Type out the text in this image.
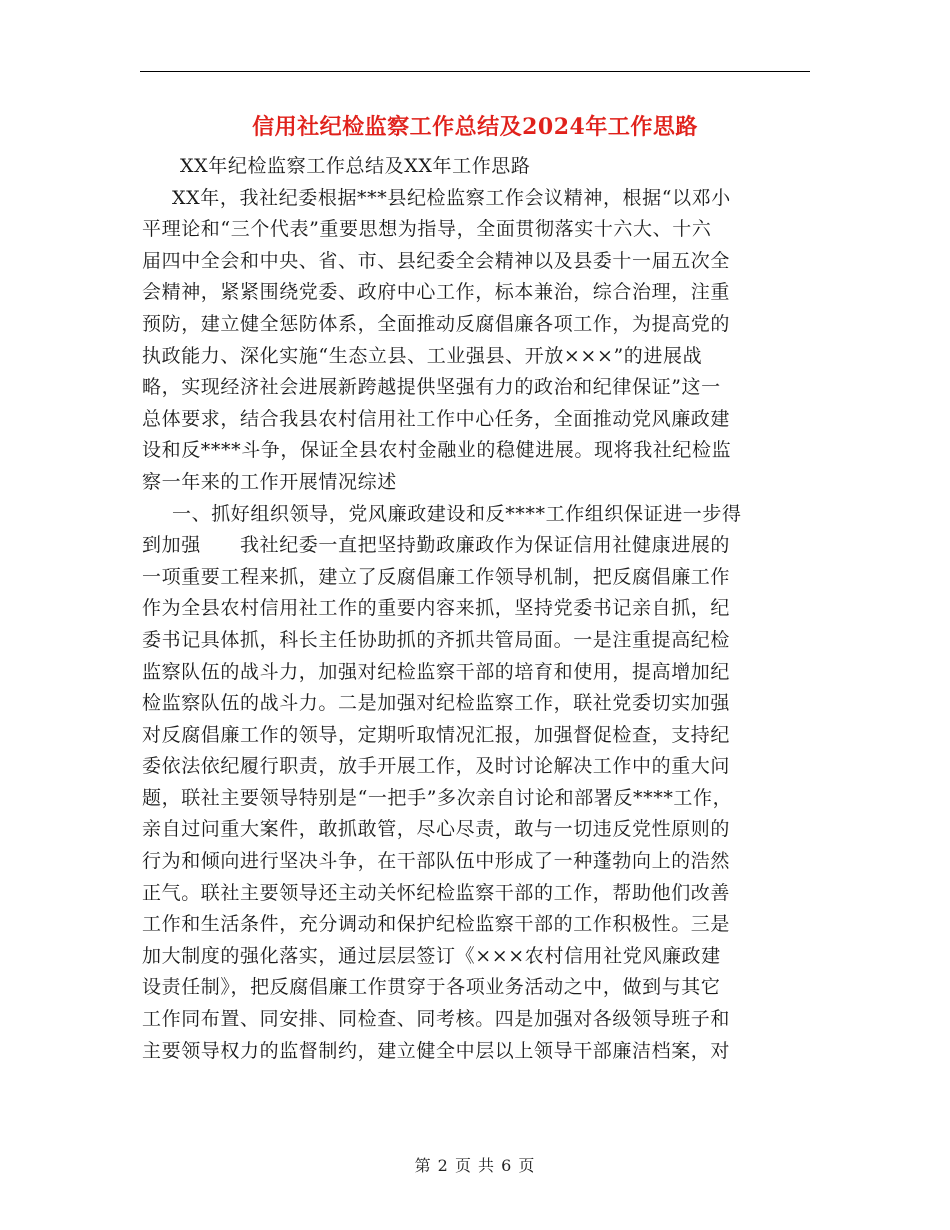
信用社纪检监察工作总结及2024年工作思路
XX年纪检监察工作总结及XX年工作思路
XX年，我社纪委根据***县纪检监察工作会议精神，根据“以邓小
平理论和“三个代表”重要思想为指导，全面贯彻落实十六大、十六
届四中全会和中央、省、市、县纪委全会精神以及县委十一届五次全
会精神，紧紧围绕党委、政府中心工作，标本兼治，综合治理，注重
预防，建立健全惩防体系，全面推动反腐倡廉各项工作，为提高党的
执政能力、深化实施“生态立县、工业强县、开放×××”的进展战
略，实现经济社会进展新跨越提供坚强有力的政治和纪律保证”这一
总体要求，结合我县农村信用社工作中心任务，全面推动党风廉政建
设和反****斗争，保证全县农村金融业的稳健进展。现将我社纪检监
察一年来的工作开展情况综述
一、抓好组织领导，党风廉政建设和反****工作组织保证进一步得
到加强　　我社纪委一直把坚持勤政廉政作为保证信用社健康进展的
一项重要工程来抓，建立了反腐倡廉工作领导机制，把反腐倡廉工作
作为全县农村信用社工作的重要内容来抓，坚持党委书记亲自抓，纪
委书记具体抓，科长主任协助抓的齐抓共管局面。一是注重提高纪检
监察队伍的战斗力，加强对纪检监察干部的培育和使用，提高增加纪
检监察队伍的战斗力。二是加强对纪检监察工作，联社党委切实加强
对反腐倡廉工作的领导，定期听取情况汇报，加强督促检查，支持纪
委依法依纪履行职责，放手开展工作，及时讨论解决工作中的重大问
题，联社主要领导特别是“一把手”多次亲自讨论和部署反****工作，
亲自过问重大案件，敢抓敢管，尽心尽责，敢与一切违反党性原则的
行为和倾向进行坚决斗争，在干部队伍中形成了一种蓬勃向上的浩然
正气。联社主要领导还主动关怀纪检监察干部的工作，帮助他们改善
工作和生活条件，充分调动和保护纪检监察干部的工作积极性。三是
加大制度的强化落实，通过层层签订《×××农村信用社党风廉政建
设责任制》，把反腐倡廉工作贯穿于各项业务活动之中，做到与其它
工作同布置、同安排、同检查、同考核。四是加强对各级领导班子和
主要领导权力的监督制约，建立健全中层以上领导干部廉洁档案，对
第 2 页 共 6 页
